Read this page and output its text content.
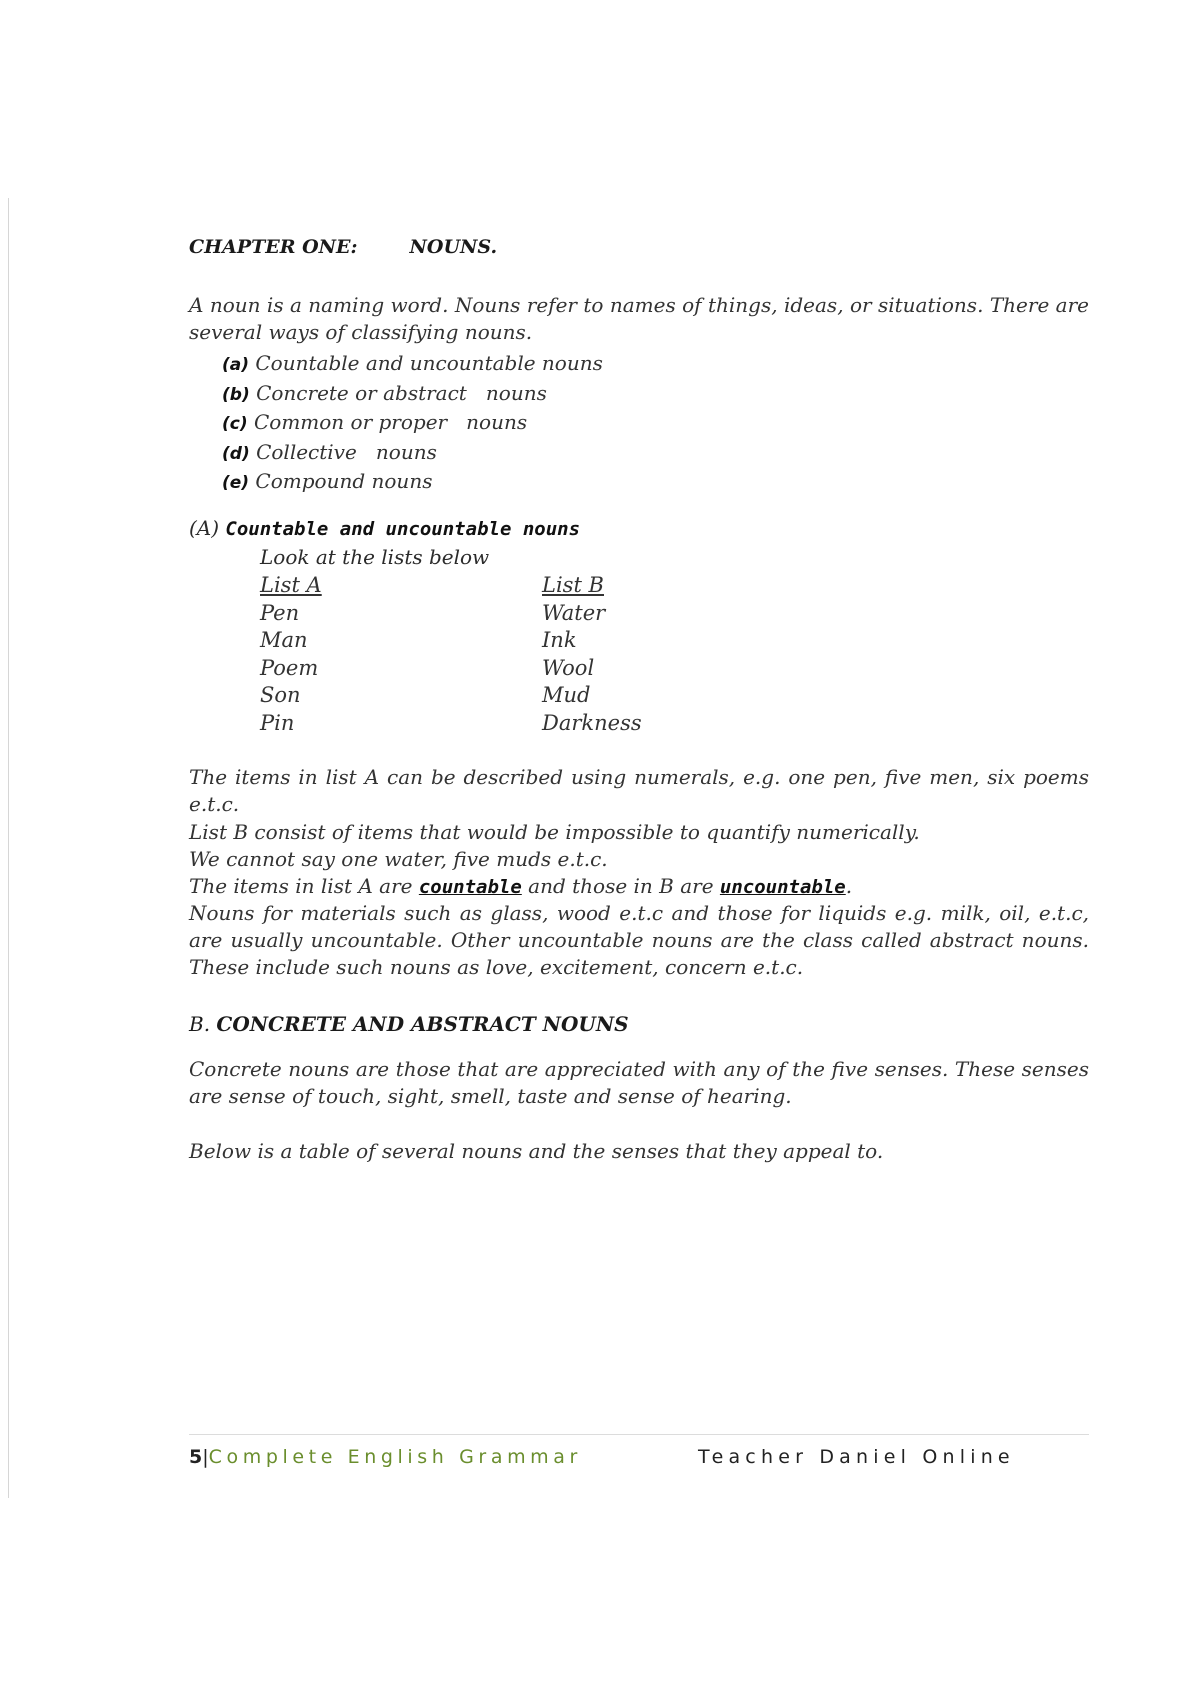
CHAPTER ONE:	NOUNS.

A noun is a naming word. Nouns refer to names of things, ideas, or situations. There are several ways of classifying nouns.

(a) Countable and uncountable nouns
(b) Concrete or abstract   nouns
(c) Common or proper   nouns
(d) Collective   nouns
(e) Compound nouns
(A) Countable and uncountable nouns
Look at the lists below
List A
Pen
Man
Poem
Son
Pin
List B
Water
Ink
Wool
Mud
Darkness

The items in list A can be described using numerals, e.g. one pen, five men, six poems e.t.c.

List B consist of items that would be impossible to quantify numerically.

We cannot say one water, five muds e.t.c.

The items in list A are countable and those in B are uncountable.

Nouns for materials such as glass, wood e.t.c and those for liquids e.g. milk, oil, e.t.c, are usually uncountable. Other uncountable nouns are the class called abstract nouns. These include such nouns as love, excitement, concern e.t.c.

B. CONCRETE AND ABSTRACT NOUNS

Concrete nouns are those that are appreciated with any of the five senses. These senses are sense of touch, sight, smell, taste and sense of hearing.

Below is a table of several nouns and the senses that they appeal to.

5|Complete English Grammar	Teacher Daniel Online
